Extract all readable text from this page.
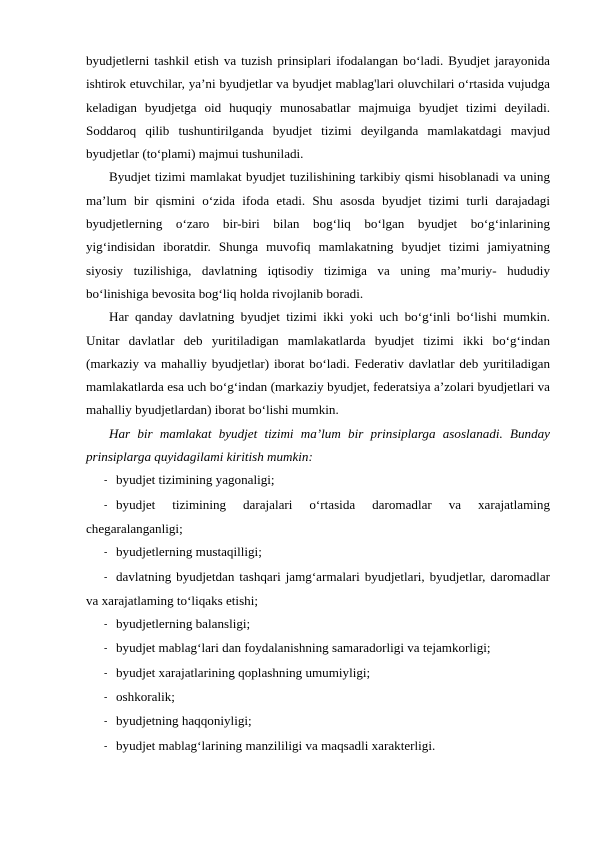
byudjetlerni tashkil etish va tuzish prinsiplari ifodalangan bo‘ladi. Byudjet jarayonida ishtirok etuvchilar, ya’ni byudjetlar va byudjet mablag'lari oluvchilari o‘rtasida vujudga keladigan byudjetga oid huquqiy munosabatlar majmuiga byudjet tizimi deyiladi. Soddaroq qilib tushuntirilganda byudjet tizimi deyilganda mamlakatdagi mavjud byudjetlar (to‘plami) majmui tushuniladi.

Byudjet tizimi mamlakat byudjet tuzilishining tarkibiy qismi hisoblanadi va uning ma’lum bir qismini o‘zida ifoda etadi. Shu asosda byudjet tizimi turli darajadagi byudjetlerning o‘zaro bir-biri bilan bog‘liq bo‘lgan byudjet bo‘g‘inlarining yig‘indisidan iboratdir. Shunga muvofiq mamlakatning byudjet tizimi jamiyatning siyosiy tuzilishiga, davlatning iqtisodiy tizimiga va uning ma’muriy- hududiy bo‘linishiga bevosita bog‘liq holda rivojlanib boradi.

Har qanday davlatning byudjet tizimi ikki yoki uch bo‘g‘inli bo‘lishi mumkin. Unitar davlatlar deb yuritiladigan mamlakatlarda byudjet tizimi ikki bo‘g‘indan (markaziy va mahalliy byudjetlar) iborat bo‘ladi. Federativ davlatlar deb yuritiladigan mamlakatlarda esa uch bo‘g‘indan (markaziy byudjet, federatsiya a’zolari byudjetlari va mahalliy byudjetlardan) iborat bo‘lishi mumkin.

Har bir mamlakat byudjet tizimi ma’lum bir prinsiplarga asoslanadi. Bunday prinsiplarga quyidagilami kiritish mumkin:

- byudjet tizimining yagonaligi;

- byudjet tizimining darajalari o‘rtasida daromadlar va xarajatlaming chegaralanganligi;

- byudjetlerning mustaqilligi;

- davlatning byudjetdan tashqari jamg‘armalari byudjetlari, byudjetlar, daromadlar va xarajatlaming to‘liqaks etishi;

- byudjetlerning balansligi;

- byudjet mablag‘lari dan foydalanishning samaradorligi va tejamkorligi;

- byudjet xarajatlarining qoplashning umumiyligi;

- oshkoralik;

- byudjetning haqqoniyligi;

- byudjet mablag‘larining manzililigi va maqsadli xarakterligi.
